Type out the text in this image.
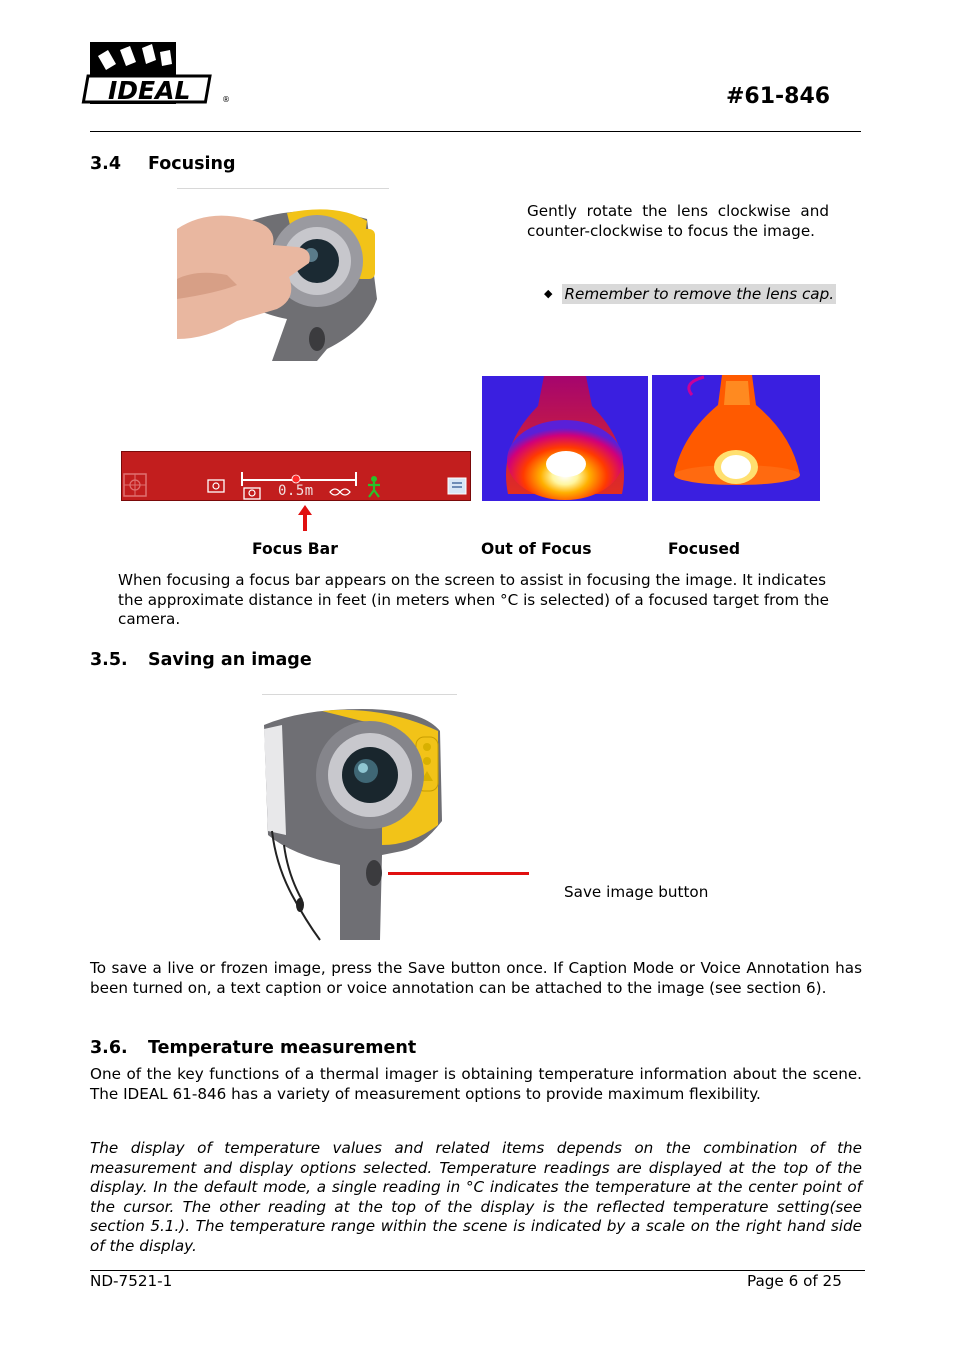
IDEAL	®	#61-846
3.4 Focusing

Gently rotate the lens clockwise and counter-clockwise to focus the image.

◆ Remember to remove the lens cap.
0.5m
Focus Bar	Out of Focus	Focused

When focusing a focus bar appears on the screen to assist in focusing the image. It indicates the approximate distance in feet (in meters when °C is selected) of a focused target from the camera.

3.5. Saving an image
Save image button

To save a live or frozen image, press the Save button once. If Caption Mode or Voice Annotation has been turned on, a text caption or voice annotation can be attached to the image (see section 6).

3.6. Temperature measurement

One of the key functions of a thermal imager is obtaining temperature information about the scene. The IDEAL 61-846 has a variety of measurement options to provide maximum flexibility.

The display of temperature values and related items depends on the combination of the measurement and display options selected. Temperature readings are displayed at the top of the display. In the default mode, a single reading in °C indicates the temperature at the center point of the cursor. The other reading at the top of the display is the reflected temperature setting(see section 5.1.). The temperature range within the scene is indicated by a scale on the right hand side of the display.

ND-7521-1	Page 6 of 25
